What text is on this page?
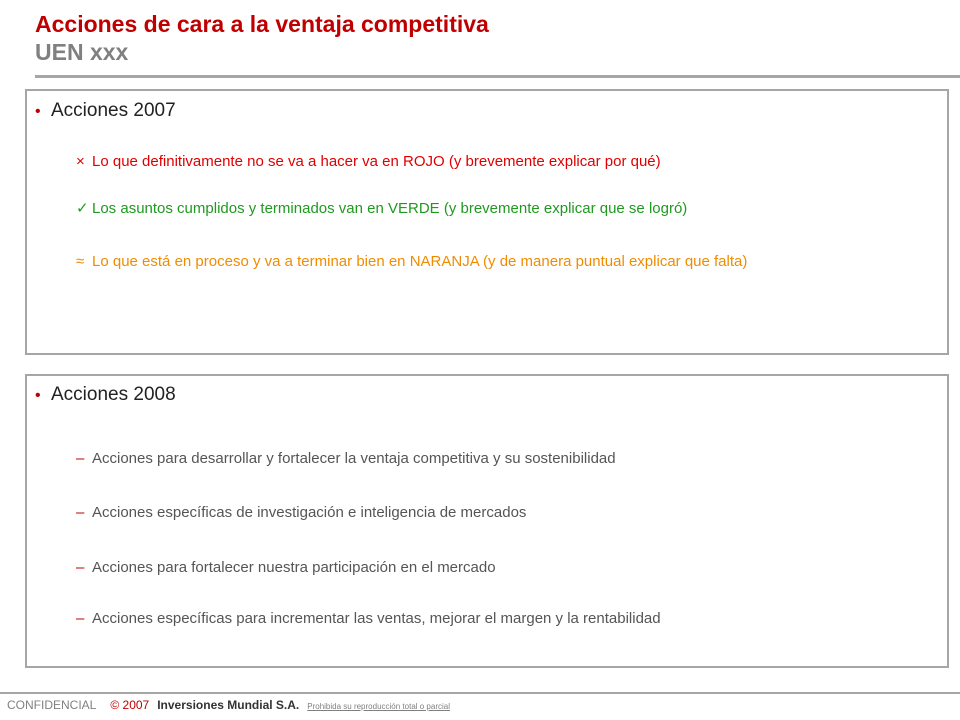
Acciones de cara a la ventaja competitiva
UEN xxx
• Acciones 2007
× Lo que definitivamente no se va a hacer va en ROJO (y brevemente explicar por qué)
✓ Los asuntos cumplidos y terminados van en VERDE (y brevemente explicar que se logró)
≈ Lo que está en proceso y va a terminar bien en NARANJA (y de manera puntual explicar que falta)
• Acciones 2008
– Acciones para desarrollar y fortalecer la ventaja competitiva y su sostenibilidad
– Acciones específicas de investigación e inteligencia de mercados
– Acciones para fortalecer nuestra participación en el mercado
– Acciones específicas para incrementar las ventas, mejorar el margen y la rentabilidad
CONFIDENCIAL © 2007 Inversiones Mundial S.A. Prohibida su reproducción total o parcial
